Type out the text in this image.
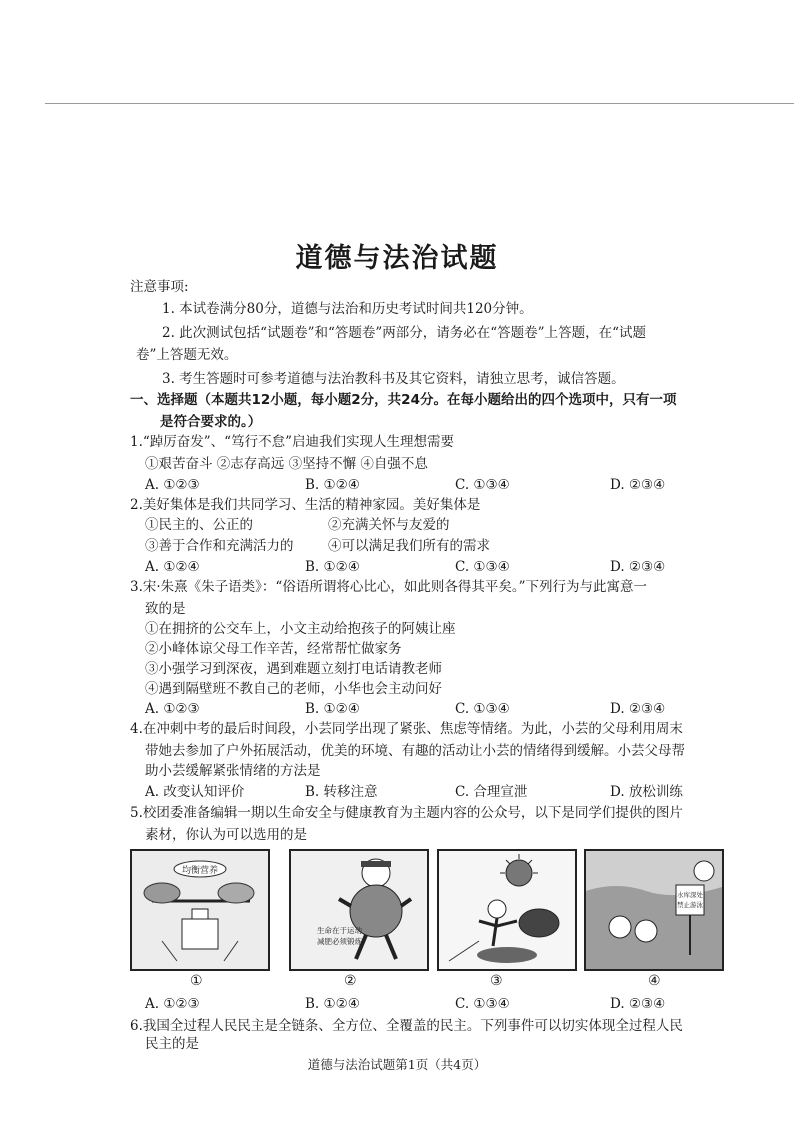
道德与法治试题
注意事项:
1. 本试卷满分80分，道德与法治和历史考试时间共120分钟。
2. 此次测试包括“试题卷”和“答题卷”两部分，请务必在“答题卷”上答题，在“试题
卷”上答题无效。
3. 考生答题时可参考道德与法治教科书及其它资料，请独立思考，诚信答题。
一、选择题（本题共12小题，每小题2分，共24分。在每小题给出的四个选项中，只有一项
是符合要求的。）
1.“踔厉奋发”、“笃行不怠”启迪我们实现人生理想需要
①艰苦奋斗 ②志存高远 ③坚持不懈 ④自强不息
A. ①②③	B. ①②④	C. ①③④	D. ②③④
2.美好集体是我们共同学习、生活的精神家园。美好集体是
①民主的、公正的	②充满关怀与友爱的
③善于合作和充满活力的	④可以满足我们所有的需求
A. ①②④	B. ①②④	C. ①③④	D. ②③④
3.宋·朱熹《朱子语类》：“俗语所谓将心比心，如此则各得其平矣。”下列行为与此寓意一
致的是
①在拥挤的公交车上，小文主动给抱孩子的阿姨让座
②小峰体谅父母工作辛苦，经常帮忙做家务
③小强学习到深夜，遇到难题立刻打电话请教老师
④遇到隔壁班不教自己的老师，小华也会主动问好
A. ①②③	B. ①②④	C. ①③④	D. ②③④
4.在冲刺中考的最后时间段，小芸同学出现了紧张、焦虑等情绪。为此，小芸的父母利用周末
带她去参加了户外拓展活动，优美的环境、有趣的活动让小芸的情绪得到缓解。小芸父母帮
助小芸缓解紧张情绪的方法是
A. 改变认知评价	B. 转移注意	C. 合理宣泄	D. 放松训练
5.校团委准备编辑一期以生命安全与健康教育为主题内容的公众号，以下是同学们提供的图片
素材，你认为可以选用的是
均衡营养
生命在于运动
减肥必须锻炼
水库深处
禁止游泳
①	②	③	④
A. ①②③	B. ①②④	C. ①③④	D. ②③④
6.我国全过程人民民主是全链条、全方位、全覆盖的民主。下列事件可以切实体现全过程人民
民主的是
道德与法治试题第1页（共4页）
